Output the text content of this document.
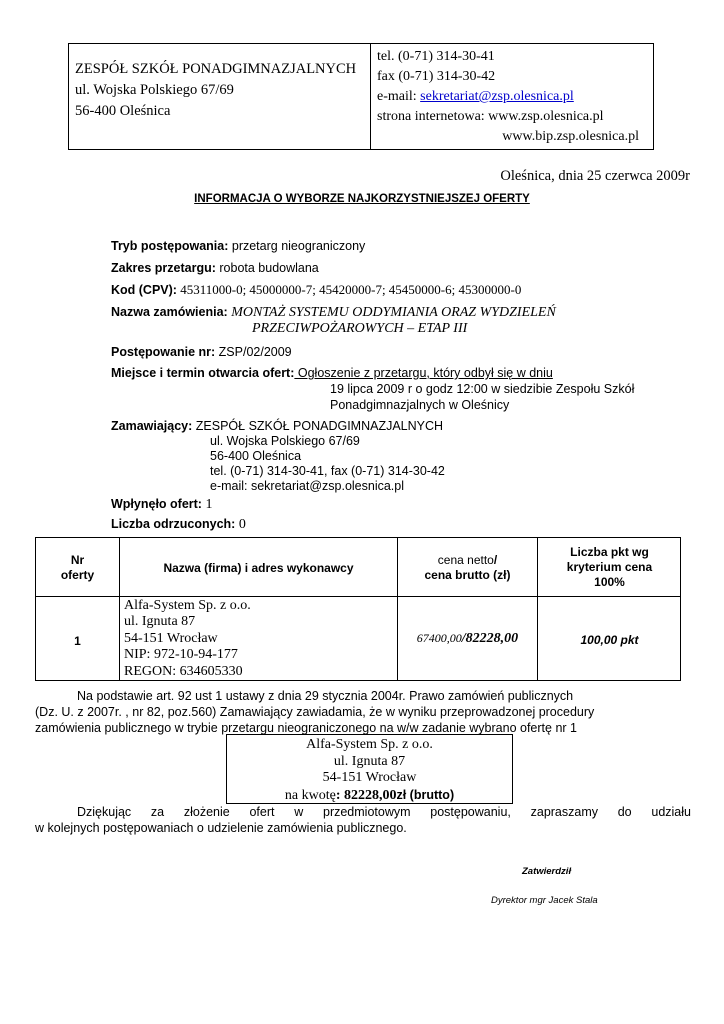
ZESPÓŁ SZKÓŁ PONADGIMNAZJALNYCH
ul. Wojska Polskiego 67/69
56-400 Oleśnica
tel. (0-71) 314-30-41
fax (0-71) 314-30-42
e-mail: sekretariat@zsp.olesnica.pl
strona internetowa: www.zsp.olesnica.pl
www.bip.zsp.olesnica.pl
Oleśnica, dnia 25 czerwca 2009r
INFORMACJA O WYBORZE NAJKORZYSTNIEJSZEJ OFERTY
Tryb postępowania: przetarg nieograniczony
Zakres przetargu: robota budowlana
Kod (CPV): 45311000-0; 45000000-7; 45420000-7; 45450000-6; 45300000-0
Nazwa zamówienia: MONTAŻ SYSTEMU ODDYMIANIA ORAZ WYDZIELEŃ
PRZECIWPOŻAROWYCH – ETAP III
Postępowanie nr: ZSP/02/2009
Miejsce i termin otwarcia ofert: Ogłoszenie z przetargu, który odbył się w dniu
19 lipca 2009 r o godz 12:00 w siedzibie Zespołu Szkół
Ponadgimnazjalnych w Oleśnicy
Zamawiający: ZESPÓŁ SZKÓŁ PONADGIMNAZJALNYCH
ul. Wojska Polskiego 67/69
56-400 Oleśnica
tel. (0-71) 314-30-41, fax (0-71) 314-30-42
e-mail: sekretariat@zsp.olesnica.pl
Wpłynęło ofert: 1
Liczba odrzuconych: 0
Nr
oferty	Nazwa (firma) i adres wykonawcy
cena netto/
cena brutto (zł)
Liczba pkt wg
kryterium cena
100%
1
Alfa-System Sp. z o.o.
ul. Ignuta 87
54-151 Wrocław
NIP: 972-10-94-177
REGON: 634605330
67400,00/82228,00	100,00 pkt
Na podstawie art. 92 ust 1 ustawy z dnia 29 stycznia 2004r. Prawo zamówień publicznych
(Dz. U. z 2007r. , nr 82, poz.560) Zamawiający zawiadamia, że w wyniku przeprowadzonej procedury
zamówienia publicznego w trybie przetargu nieograniczonego na w/w zadanie wybrano ofertę nr 1
Alfa-System Sp. z o.o.
ul. Ignuta 87
54-151 Wrocław
na kwotę: 82228,00zł (brutto)
Dziękując za złożenie ofert w przedmiotowym postępowaniu, zapraszamy do udziału
w kolejnych postępowaniach o udzielenie zamówienia publicznego.
Zatwierdził
Dyrektor mgr Jacek Stala
